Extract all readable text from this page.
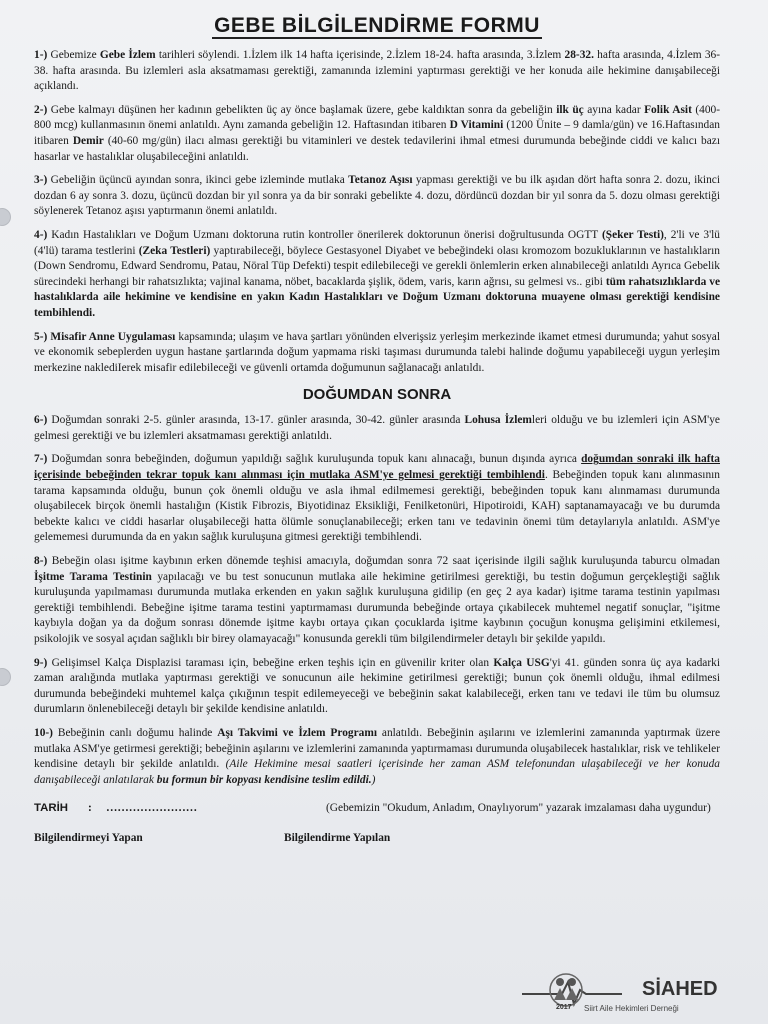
GEBE BİLGİLENDİRME FORMU

1-) Gebemize Gebe İzlem tarihleri söylendi. 1.İzlem ilk 14 hafta içerisinde, 2.İzlem 18-24. hafta arasında, 3.İzlem 28-32. hafta arasında, 4.İzlem 36-38. hafta arasında. Bu izlemleri asla aksatmaması gerektiği, zamanında izlemini yaptırması gerektiği ve her konuda aile hekimine danışabileceği açıklandı.

2-) Gebe kalmayı düşünen her kadının gebelikten üç ay önce başlamak üzere, gebe kaldıktan sonra da gebeliğin ilk üç ayına kadar Folik Asit (400-800 mcg) kullanmasının önemi anlatıldı. Aynı zamanda gebeliğin 12. Haftasından itibaren D Vitamini (1200 Ünite – 9 damla/gün) ve 16.Haftasından itibaren Demir (40-60 mg/gün) ilacı alması gerektiği bu vitaminleri ve destek tedavilerini ihmal etmesi durumunda bebeğinde ciddi ve kalıcı bazı hasarlar ve hastalıklar oluşabileceğini anlatıldı.

3-) Gebeliğin üçüncü ayından sonra, ikinci gebe izleminde mutlaka Tetanoz Aşısı yapması gerektiği ve bu ilk aşıdan dört hafta sonra 2. dozu, ikinci dozdan 6 ay sonra 3. dozu, üçüncü dozdan bir yıl sonra ya da bir sonraki gebelikte 4. dozu, dördüncü dozdan bir yıl sonra da 5. dozu olması gerektiği söylenerek Tetanoz aşısı yaptırmanın önemi anlatıldı.

4-) Kadın Hastalıkları ve Doğum Uzmanı doktoruna rutin kontroller önerilerek doktorunun önerisi doğrultusunda OGTT (Şeker Testi), 2'li ve 3'lü (4'lü) tarama testlerini (Zeka Testleri) yaptırabileceği, böylece Gestasyonel Diyabet ve bebeğindeki olası kromozom bozukluklarının ve hastalıkların (Down Sendromu, Edward Sendromu, Patau, Nöral Tüp Defekti) tespit edilebileceği ve gerekli önlemlerin erken alınabileceği anlatıldı Ayrıca Gebelik sürecindeki herhangi bir rahatsızlıkta; vajinal kanama, nöbet, bacaklarda şişlik, ödem, varis, karın ağrısı, su gelmesi vs.. gibi tüm rahatsızlıklarda ve hastalıklarda aile hekimine ve kendisine en yakın Kadın Hastalıkları ve Doğum Uzmanı doktoruna muayene olması gerektiği kendisine tembihlendi.

5-) Misafir Anne Uygulaması kapsamında; ulaşım ve hava şartları yönünden elverişsiz yerleşim merkezinde ikamet etmesi durumunda; yahut sosyal ve ekonomik sebeplerden uygun hastane şartlarında doğum yapmama riski taşıması durumunda talebi halinde doğumu yapabileceği uygun yerleşim merkezine naklediIerek misafir edilebileceği ve güvenli ortamda doğumunun sağlanacağı anlatıldı.

DOĞUMDAN SONRA

6-) Doğumdan sonraki 2-5. günler arasında, 13-17. günler arasında, 30-42. günler arasında Lohusa İzlemleri olduğu ve bu izlemleri için ASM'ye gelmesi gerektiği ve bu izlemleri aksatmaması gerektiği anlatıldı.

7-) Doğumdan sonra bebeğinden, doğumun yapıldığı sağlık kuruluşunda topuk kanı alınacağı, bunun dışında ayrıca doğumdan sonraki ilk hafta içerisinde bebeğinden tekrar topuk kanı alınması için mutlaka ASM'ye gelmesi gerektiği tembihlendi. Bebeğinden topuk kanı alınmasının tarama kapsamında olduğu, bunun çok önemli olduğu ve asla ihmal edilmemesi gerektiği, bebeğinden topuk kanı alınmaması durumunda oluşabilecek birçok önemli hastalığın (Kistik Fibrozis, Biyotidinaz Eksikliği, Fenilketonüri, Hipotiroidi, KAH) saptanamayacağı ve bu durumda bebekte kalıcı ve ciddi hasarlar oluşabileceği hatta ölümle sonuçlanabileceği; erken tanı ve tedavinin önemi tüm detaylarıyla anlatıldı. ASM'ye gelememesi durumunda da en yakın sağlık kuruluşuna gitmesi gerektiği tembihlendi.

8-) Bebeğin olası işitme kaybının erken dönemde teşhisi amacıyla, doğumdan sonra 72 saat içerisinde ilgili sağlık kuruluşunda taburcu olmadan İşitme Tarama Testinin yapılacağı ve bu test sonucunun mutlaka aile hekimine getirilmesi gerektiği, bu testin doğumun gerçekleştiği sağlık kuruluşunda yapılmaması durumunda mutlaka erkenden en yakın sağlık kuruluşuna gidilip (en geç 2 aya kadar) işitme tarama testinin yapılması gerektiği tembihlendi. Bebeğine işitme tarama testini yaptırmaması durumunda bebeğinde ortaya çıkabilecek muhtemel negatif sonuçlar, "işitme kaybıyla doğan ya da doğum sonrası dönemde işitme kaybı ortaya çıkan çocuklarda işitme kaybının çocuğun konuşma gelişimini etkilemesi, psikolojik ve sosyal açıdan sağlıklı bir birey olamayacağı" konusunda gerekli tüm bilgilendirmeler detaylı bir şekilde yapıldı.

9-) Gelişimsel Kalça Displazisi taraması için, bebeğine erken teşhis için en güvenilir kriter olan Kalça USG'yi 41. günden sonra üç aya kadarki zaman aralığında mutlaka yaptırması gerektiği ve sonucunun aile hekimine getirilmesi gerektiği; bunun çok önemli olduğu, ihmal edilmesi durumunda bebeğindeki muhtemel kalça çıkığının tespit edilemeyeceği ve bebeğinin sakat kalabileceği, erken tanı ve tedavi ile tüm bu olumsuz durumların önlenebileceği detaylı bir şekilde kendisine anlatıldı.

10-) Bebeğinin canlı doğumu halinde Aşı Takvimi ve İzlem Programı anlatıldı. Bebeğinin aşılarını ve izlemlerini zamanında yaptırmak üzere mutlaka ASM'ye getirmesi gerektiği; bebeğinin aşılarını ve izlemlerini zamanında yaptırmaması durumunda oluşabilecek hastalıklar, risk ve tehlikeler kendisine detaylı bir şekilde anlatıldı. (Aile Hekimine mesai saatleri içerisinde her zaman ASM telefonundan ulaşabileceği ve her konuda danışabileceği anlatılarak bu formun bir kopyası kendisine teslim edildi.)

TARİH	:	……………………	(Gebemizin "Okudum, Anladım, Onaylıyorum" yazarak imzalaması daha uygundur)
Bilgilendirmeyi Yapan	Bilgilendirme Yapılan
SİAHED
2017 Siirt Aile Hekimleri Derneği
